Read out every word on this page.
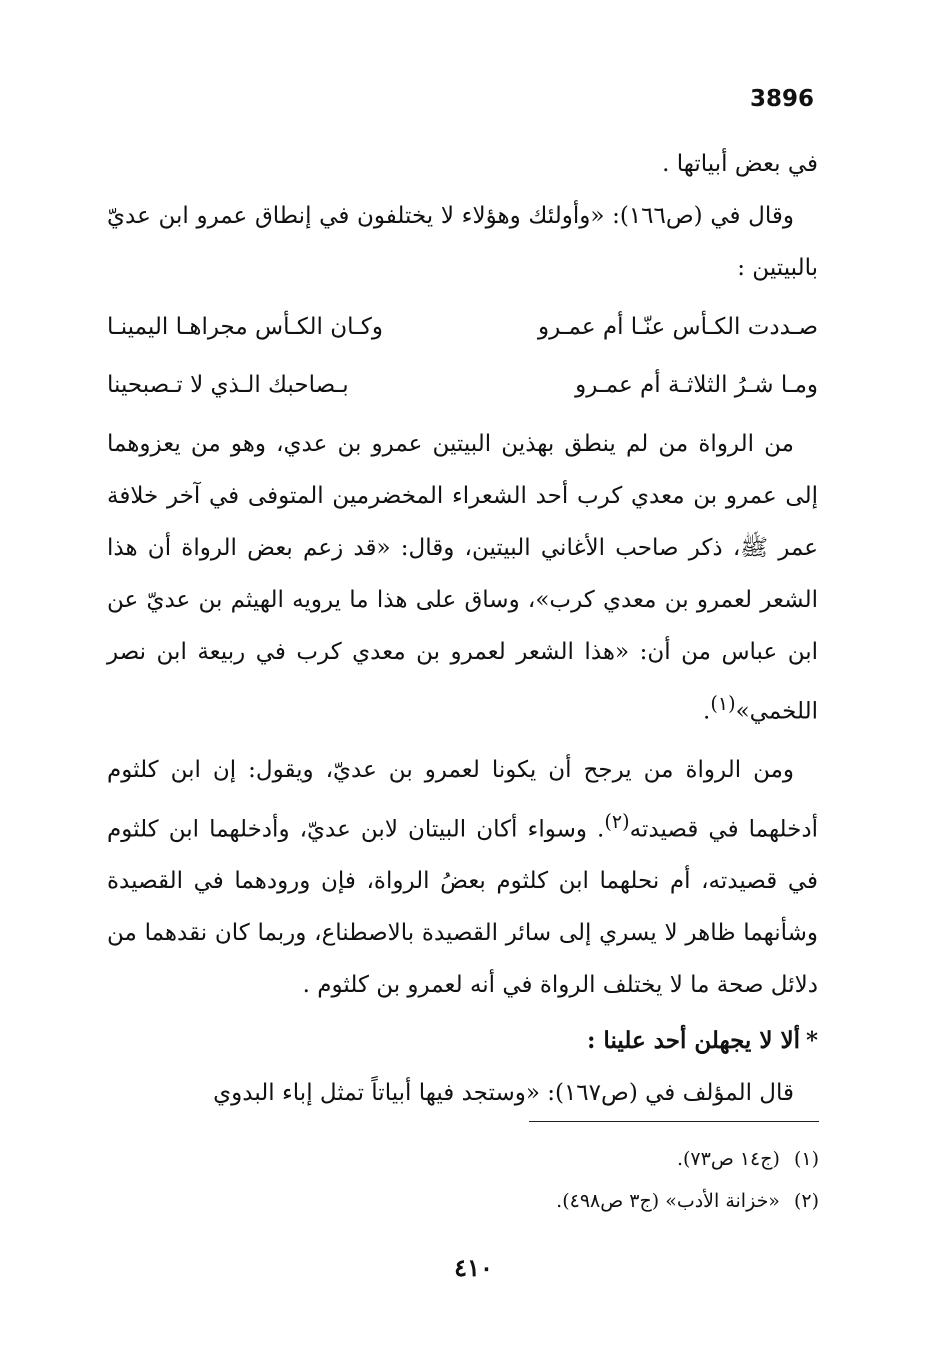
3896

في بعض أبياتها .

وقال في (ص١٦٦): «وأولئك وهؤلاء لا يختلفون في إنطاق عمرو ابن عديّ بالبيتين :

صـددت الكـأس عنّـا أم عمـرو
وكـان الكـأس مجراهـا اليمينـا
ومـا شـرُ الثلاثـة أم عمـرو
بـصاحبك الـذي لا تـصبحينا

من الرواة من لم ينطق بهذين البيتين عمرو بن عدي، وهو من يعزوهما إلى عمرو بن معدي كرب أحد الشعراء المخضرمين المتوفى في آخر خلافة عمر ﷺ، ذكر صاحب الأغاني البيتين، وقال: «قد زعم بعض الرواة أن هذا الشعر لعمرو بن معدي كرب»، وساق على هذا ما يرويه الهيثم بن عديّ عن ابن عباس من أن: «هذا الشعر لعمرو بن معدي كرب في ربيعة ابن نصر اللخمي»$^{(١)}$.

ومن الرواة من يرجح أن يكونا لعمرو بن عديّ، ويقول: إن ابن كلثوم أدخلهما في قصيدته$^{(٢)}$. وسواء أكان البيتان لابن عديّ، وأدخلهما ابن كلثوم في قصيدته، أم نحلهما ابن كلثوم بعضُ الرواة، فإن ورودهما في القصيدة وشأنهما ظاهر لا يسري إلى سائر القصيدة بالاصطناع، وربما كان نقدهما من دلائل صحة ما لا يختلف الرواة في أنه لعمرو بن كلثوم .

*ألا لا يجهلن أحد علينا :

قال المؤلف في (ص١٦٧): «وستجد فيها أبياتاً تمثل إباء البدوي

(١)(ج١٤ ص٧٣).
(٢)«خزانة الأدب» (ج٣ ص٤٩٨).
٤١٠
